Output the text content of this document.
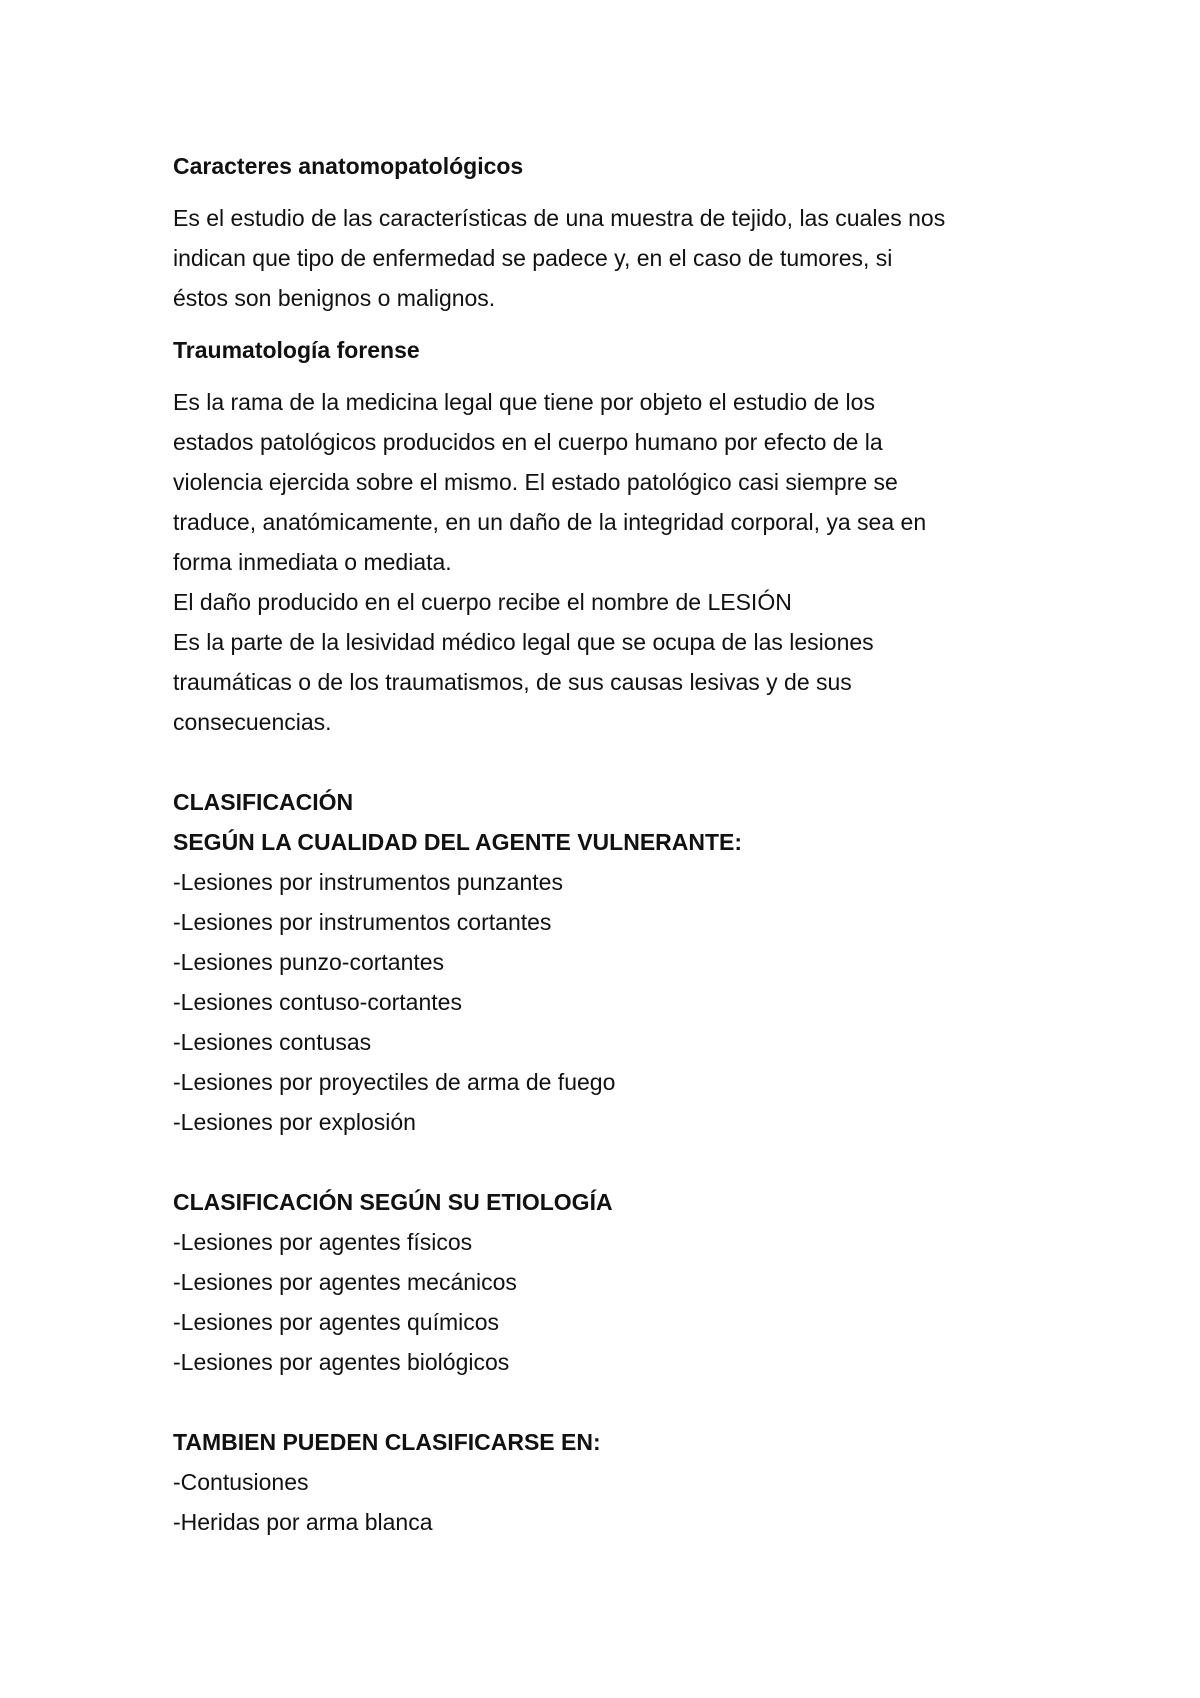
Caracteres anatomopatológicos
Es el estudio de las características de una muestra de tejido, las cuales nos
indican que tipo de enfermedad se padece y, en el caso de tumores, si
éstos son benignos o malignos.
Traumatología forense
Es la rama de la medicina legal que tiene por objeto el estudio de los
estados patológicos producidos en el cuerpo humano por efecto de la
violencia ejercida sobre el mismo. El estado patológico casi siempre se
traduce, anatómicamente, en un daño de la integridad corporal, ya sea en
forma inmediata o mediata.
El daño producido en el cuerpo recibe el nombre de LESIÓN
Es la parte de la lesividad médico legal que se ocupa de las lesiones
traumáticas o de los traumatismos, de sus causas lesivas y de sus
consecuencias.
CLASIFICACIÓN
SEGÚN LA CUALIDAD DEL AGENTE VULNERANTE:
-Lesiones por instrumentos punzantes
-Lesiones por instrumentos cortantes
-Lesiones punzo-cortantes
-Lesiones contuso-cortantes
-Lesiones contusas
-Lesiones por proyectiles de arma de fuego
-Lesiones por explosión
CLASIFICACIÓN SEGÚN SU ETIOLOGÍA
-Lesiones por agentes físicos
-Lesiones por agentes mecánicos
-Lesiones por agentes químicos
-Lesiones por agentes biológicos
TAMBIEN PUEDEN CLASIFICARSE EN:
-Contusiones
-Heridas por arma blanca
